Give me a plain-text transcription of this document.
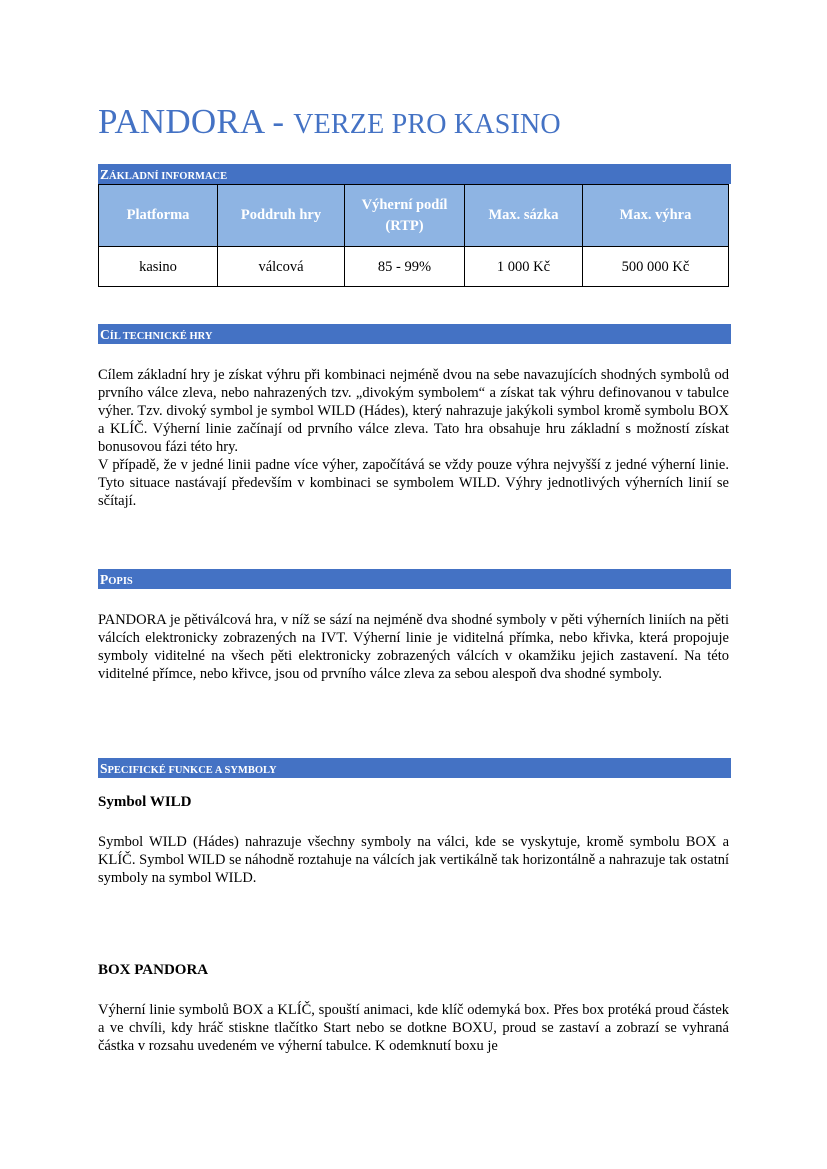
PANDORA - VERZE PRO KASINO
ZÁKLADNÍ INFORMACE
Platforma	Poddruh hry	Výherní podíl (RTP)	Max. sázka	Max. výhra
kasino	válcová	85 - 99%	1 000 Kč	500 000 Kč
CÍL TECHNICKÉ HRY

Cílem základní hry je získat výhru při kombinaci nejméně dvou na sebe navazujících shodných symbolů od prvního válce zleva, nebo nahrazených tzv. „divokým symbolem“ a získat tak výhru definovanou v tabulce výher. Tzv. divoký symbol je symbol WILD (Hádes), který nahrazuje jakýkoli symbol kromě symbolu BOX a KLÍČ. Výherní linie začínají od prvního válce zleva. Tato hra obsahuje hru základní s možností získat bonusovou fázi této hry.

V případě, že v jedné linii padne více výher, započítává se vždy pouze výhra nejvyšší z jedné výherní linie. Tyto situace nastávají především v kombinaci se symbolem WILD. Výhry jednotlivých výherních linií se sčítají.

POPIS

PANDORA je pětiválcová hra, v níž se sází na nejméně dva shodné symboly v pěti výherních liniích na pěti válcích elektronicky zobrazených na IVT. Výherní linie je viditelná přímka, nebo křivka, která propojuje symboly viditelné na všech pěti elektronicky zobrazených válcích v okamžiku jejich zastavení. Na této viditelné přímce, nebo křivce, jsou od prvního válce zleva za sebou alespoň dva shodné symboly.

SPECIFICKÉ FUNKCE A SYMBOLY
Symbol WILD

Symbol WILD (Hádes) nahrazuje všechny symboly na válci, kde se vyskytuje, kromě symbolu BOX a KLÍČ. Symbol WILD se náhodně roztahuje na válcích jak vertikálně tak horizontálně a nahrazuje tak ostatní symboly na symbol WILD.

BOX PANDORA

Výherní linie symbolů BOX a KLÍČ, spouští animaci, kde klíč odemyká box. Přes box protéká proud částek a ve chvíli, kdy hráč stiskne tlačítko Start nebo se dotkne BOXU, proud se zastaví a zobrazí se vyhraná částka v rozsahu uvedeném ve výherní tabulce. K odemknutí boxu je
